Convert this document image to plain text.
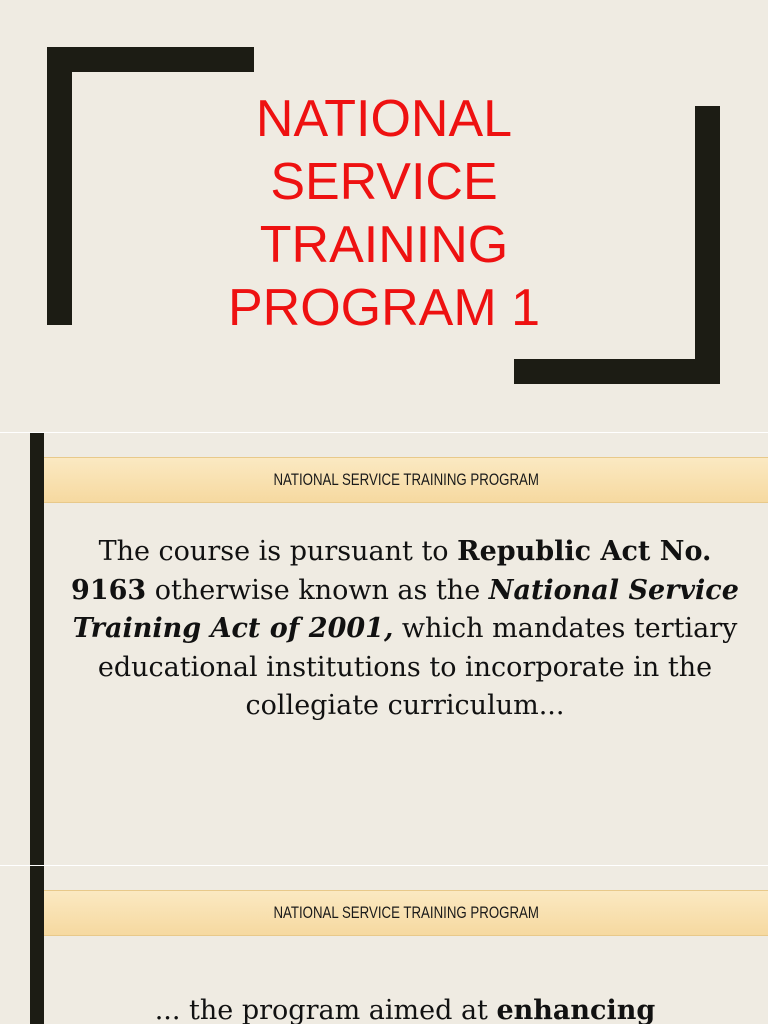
NATIONAL
SERVICE
TRAINING
PROGRAM 1
NATIONAL SERVICE TRAINING PROGRAM

The course is pursuant to Republic Act No. 9163 otherwise known as the National Service Training Act of 2001, which mandates tertiary educational institutions to incorporate in the collegiate curriculum...

NATIONAL SERVICE TRAINING PROGRAM

... the program aimed at enhancing
